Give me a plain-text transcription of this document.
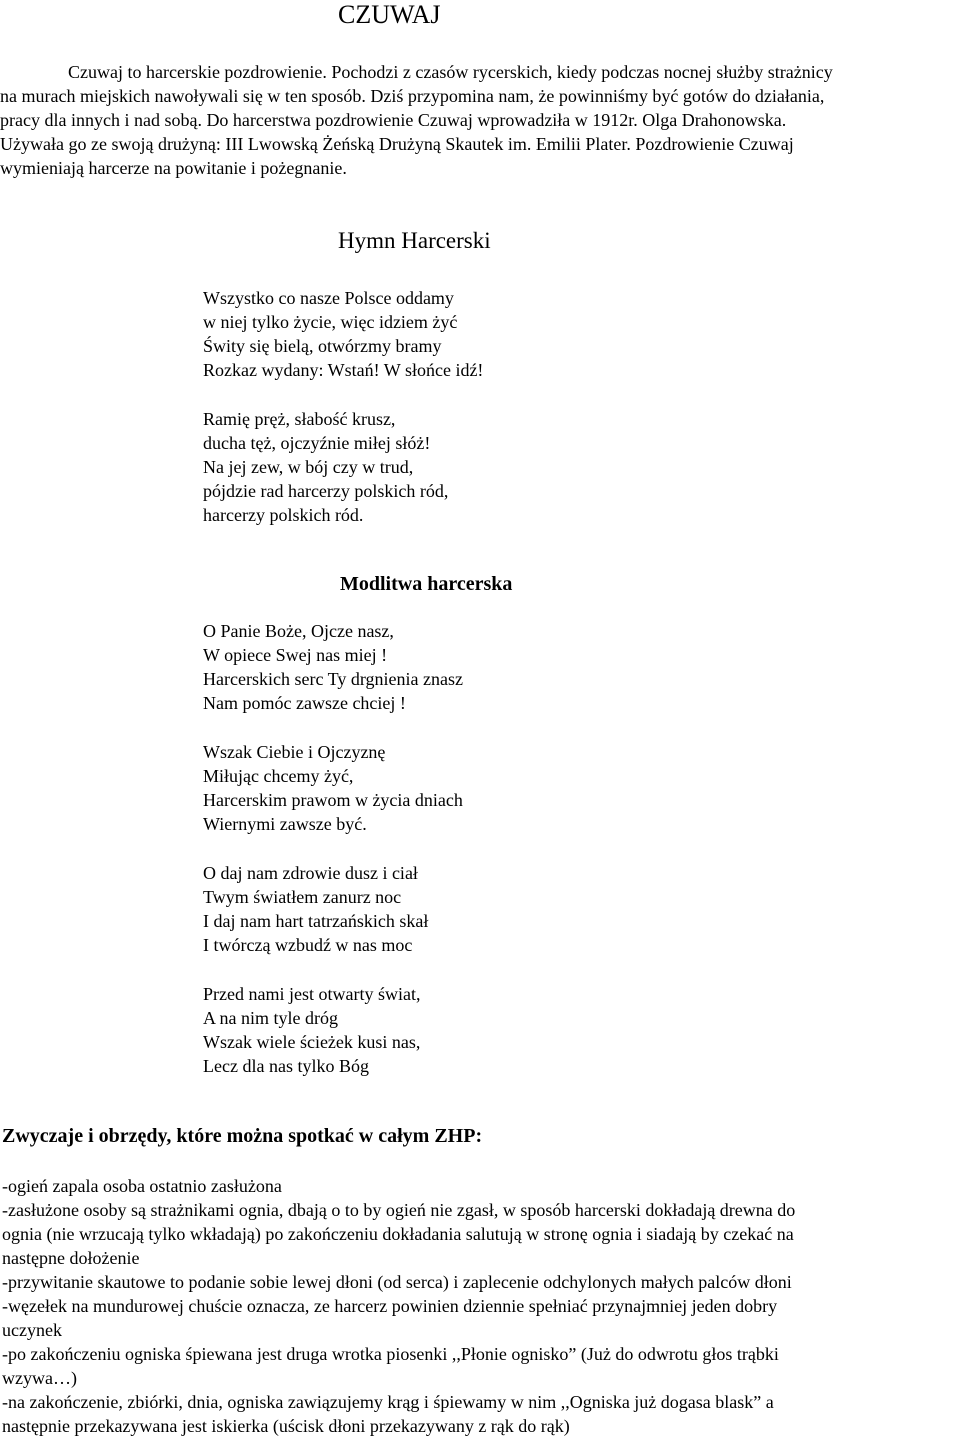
CZUWAJ
Czuwaj to harcerskie pozdrowienie. Pochodzi z czasów rycerskich, kiedy podczas nocnej służby strażnicy
na murach miejskich nawoływali się w ten sposób. Dziś przypomina nam, że powinniśmy być gotów do działania,
pracy dla innych i nad sobą. Do harcerstwa pozdrowienie Czuwaj wprowadziła w 1912r. Olga Drahonowska.
Używała go ze swoją drużyną: III Lwowską Żeńską Drużyną Skautek im. Emilii Plater. Pozdrowienie Czuwaj
wymieniają harcerze na powitanie i pożegnanie.
Hymn Harcerski
Wszystko co nasze Polsce oddamy
w niej tylko życie, więc idziem żyć
Świty się bielą, otwórzmy bramy
Rozkaz wydany: Wstań! W słońce idź!
Ramię pręż, słabość krusz,
ducha tęż, ojczyźnie miłej słóż!
Na jej zew, w bój czy w trud,
pójdzie rad harcerzy polskich ród,
harcerzy polskich ród.
Modlitwa harcerska
O Panie Boże, Ojcze nasz,
W opiece Swej nas miej !
Harcerskich serc Ty drgnienia znasz
Nam pomóc zawsze chciej !
Wszak Ciebie i Ojczyznę
Miłując chcemy żyć,
Harcerskim prawom w życia dniach
Wiernymi zawsze być.
O daj nam zdrowie dusz i ciał
Twym światłem zanurz noc
I daj nam hart tatrzańskich skał
I twórczą wzbudź w nas moc
Przed nami jest otwarty świat,
A na nim tyle dróg
Wszak wiele ścieżek kusi nas,
Lecz dla nas tylko Bóg
Zwyczaje i obrzędy, które można spotkać w całym ZHP:
-ogień zapala osoba ostatnio zasłużona
-zasłużone osoby są strażnikami ognia, dbają o to by ogień nie zgasł, w sposób harcerski dokładają drewna do
ognia (nie wrzucają tylko wkładają) po zakończeniu dokładania salutują w stronę ognia i siadają by czekać na
następne dołożenie
-przywitanie skautowe to podanie sobie lewej dłoni (od serca) i zaplecenie odchylonych małych palców dłoni
-węzełek na mundurowej chuście oznacza, ze harcerz powinien dziennie spełniać przynajmniej jeden dobry
uczynek
-po zakończeniu ogniska śpiewana jest druga wrotka piosenki ,,Płonie ognisko” (Już do odwrotu głos trąbki
wzywa…)
-na zakończenie, zbiórki, dnia, ogniska zawiązujemy krąg i śpiewamy w nim ,,Ogniska już dogasa blask” a
następnie przekazywana jest iskierka (uścisk dłoni przekazywany z rąk do rąk)
